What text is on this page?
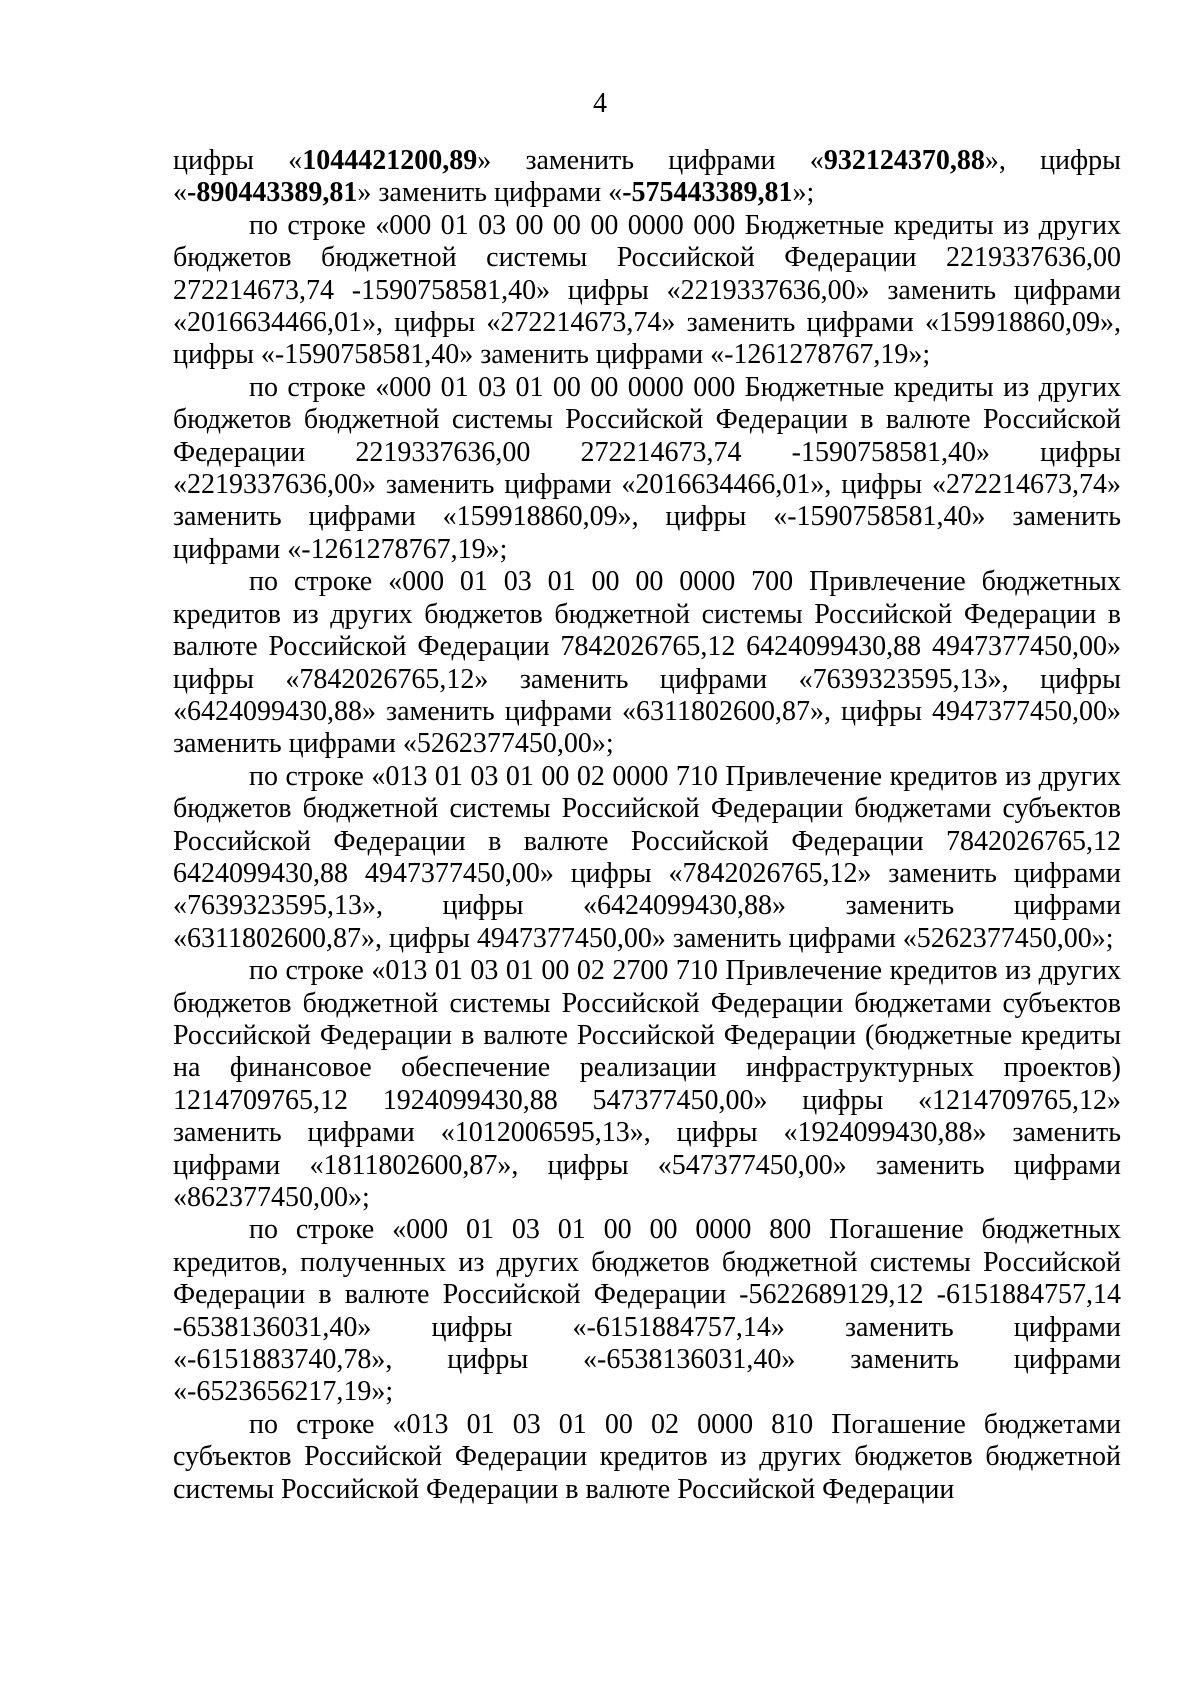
4

цифры «1044421200,89» заменить цифрами «932124370,88», цифры «-890443389,81» заменить цифрами «-575443389,81»;

по строке «000 01 03 00 00 00 0000 000 Бюджетные кредиты из других бюджетов бюджетной системы Российской Федерации 2219337636,00 272214673,74 -1590758581,40» цифры «2219337636,00» заменить цифрами «2016634466,01», цифры «272214673,74» заменить цифрами «159918860,09», цифры «-1590758581,40» заменить цифрами «-1261278767,19»;

по строке «000 01 03 01 00 00 0000 000 Бюджетные кредиты из других бюджетов бюджетной системы Российской Федерации в валюте Российской Федерации 2219337636,00 272214673,74 -1590758581,40» цифры «2219337636,00» заменить цифрами «2016634466,01», цифры «272214673,74» заменить цифрами «159918860,09», цифры «-1590758581,40» заменить цифрами «-1261278767,19»;

по строке «000 01 03 01 00 00 0000 700 Привлечение бюджетных кредитов из других бюджетов бюджетной системы Российской Федерации в валюте Российской Федерации 7842026765,12 6424099430,88 4947377450,00» цифры «7842026765,12» заменить цифрами «7639323595,13», цифры «6424099430,88» заменить цифрами «6311802600,87», цифры 4947377450,00» заменить цифрами «5262377450,00»;

по строке «013 01 03 01 00 02 0000 710 Привлечение кредитов из других бюджетов бюджетной системы Российской Федерации бюджетами субъектов Российской Федерации в валюте Российской Федерации 7842026765,12 6424099430,88 4947377450,00» цифры «7842026765,12» заменить цифрами «7639323595,13», цифры «6424099430,88» заменить цифрами «6311802600,87», цифры 4947377450,00» заменить цифрами «5262377450,00»;

по строке «013 01 03 01 00 02 2700 710 Привлечение кредитов из других бюджетов бюджетной системы Российской Федерации бюджетами субъектов Российской Федерации в валюте Российской Федерации (бюджетные кредиты на финансовое обеспечение реализации инфраструктурных проектов) 1214709765,12 1924099430,88 547377450,00» цифры «1214709765,12» заменить цифрами «1012006595,13», цифры «1924099430,88» заменить цифрами «1811802600,87», цифры «547377450,00» заменить цифрами «862377450,00»;

по строке «000 01 03 01 00 00 0000 800 Погашение бюджетных кредитов, полученных из других бюджетов бюджетной системы Российской Федерации в валюте Российской Федерации -5622689129,12 -6151884757,14 -6538136031,40» цифры «-6151884757,14» заменить цифрами «-6151883740,78», цифры «-6538136031,40» заменить цифрами «-6523656217,19»;

по строке «013 01 03 01 00 02 0000 810 Погашение бюджетами субъектов Российской Федерации кредитов из других бюджетов бюджетной системы Российской Федерации в валюте Российской Федерации
